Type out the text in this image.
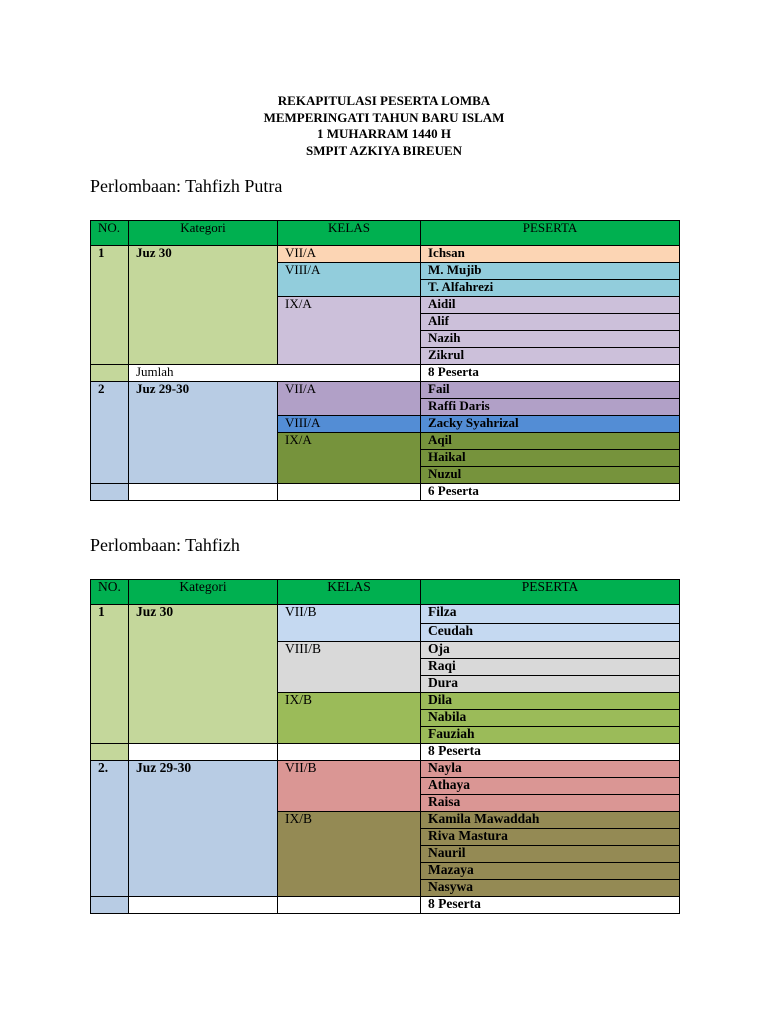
REKAPITULASI PESERTA LOMBA
MEMPERINGATI TAHUN BARU ISLAM
1 MUHARRAM 1440 H
SMPIT AZKIYA BIREUEN
Perlombaan: Tahfizh Putra
NO.	Kategori	KELAS	PESERTA
1	Juz 30	VII/A	Ichsan
		VIII/A	M. Mujib
			T. Alfahrezi
		IX/A	Aidil
			Alif
			Nazih
			Zikrul
	Jumlah		8 Peserta
2	Juz 29-30	VII/A	Fail
			Raffi Daris
		VIII/A	Zacky Syahrizal
		IX/A	Aqil
			Haikal
			Nuzul
			6 Peserta
Perlombaan: Tahfizh
NO.	Kategori	KELAS	PESERTA
1	Juz 30	VII/B	Filza
			Ceudah
		VIII/B	Oja
			Raqi
			Dura
		IX/B	Dila
			Nabila
			Fauziah
			8 Peserta
2.	Juz 29-30	VII/B	Nayla
			Athaya
			Raisa
		IX/B	Kamila Mawaddah
			Riva Mastura
			Nauril
			Mazaya
			Nasywa
			8 Peserta
